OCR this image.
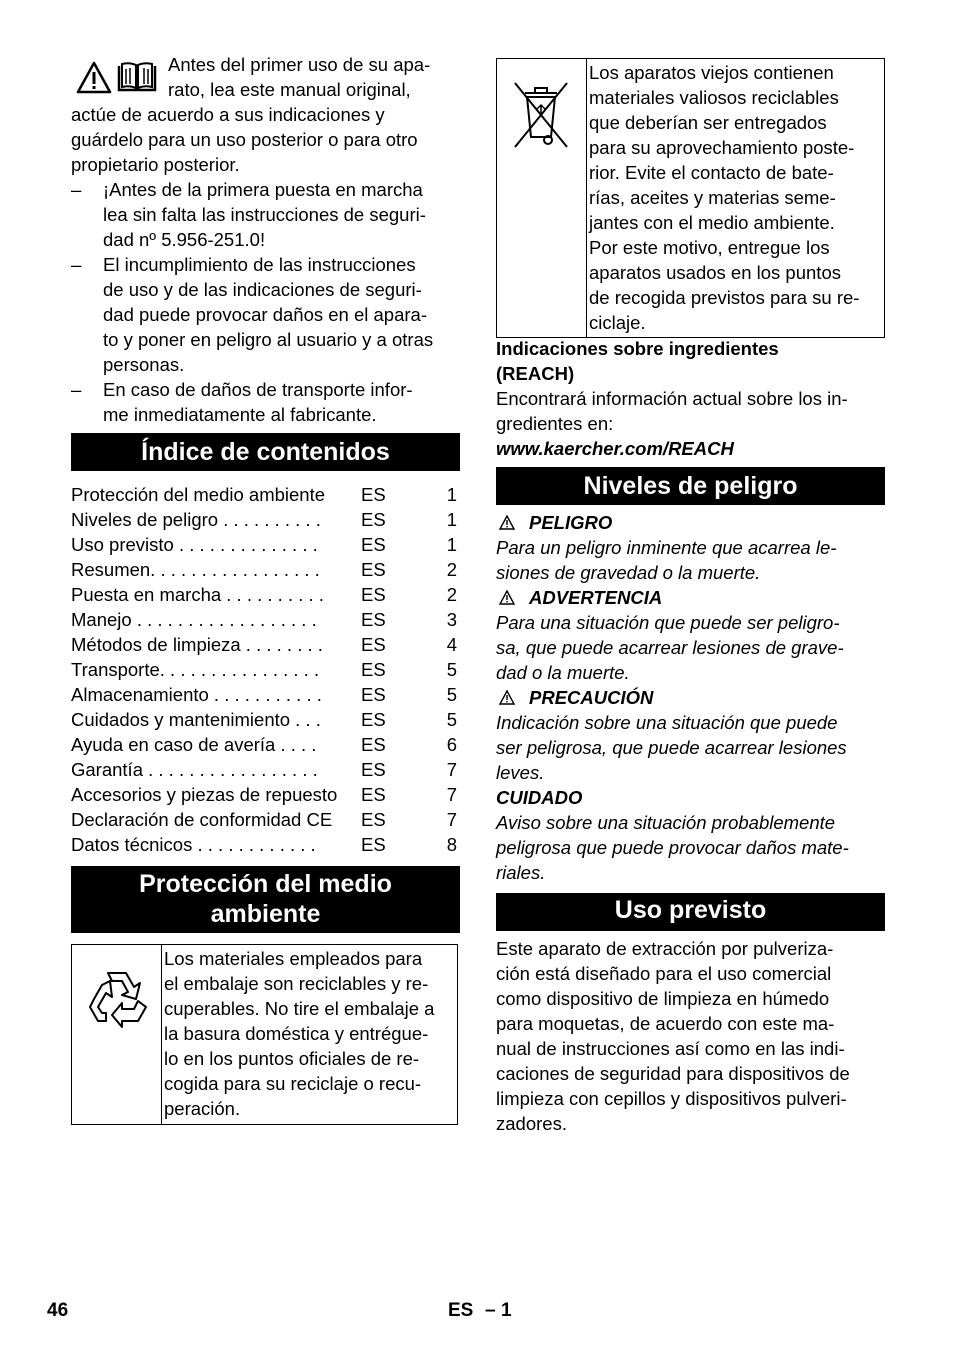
Antes del primer uso de su apa-
rato, lea este manual original,
actúe de acuerdo a sus indicaciones y
guárdelo para un uso posterior o para otro
propietario posterior.
– ¡Antes de la primera puesta en marcha
lea sin falta las instrucciones de seguri-
dad nº 5.956-251.0!
– El incumplimiento de las instrucciones
de uso y de las indicaciones de seguri-
dad puede provocar daños en el apara-
to y poner en peligro al usuario y a otras
personas.
– En caso de daños de transporte infor-
me inmediatamente al fabricante.
Índice de contenidos
Protección del medio ambiente ES	1
Niveles de peligro . . . . . . . . . . ES	1
Uso previsto . . . . . . . . . . . . . . ES	1
Resumen. . . . . . . . . . . . . . . . . ES	2
Puesta en marcha . . . . . . . . . . ES	2
Manejo . . . . . . . . . . . . . . . . . . ES	3
Métodos de limpieza . . . . . . . . ES	4
Transporte. . . . . . . . . . . . . . . . ES	5
Almacenamiento . . . . . . . . . . . ES	5
Cuidados y mantenimiento . . . ES	5
Ayuda en caso de avería . . . . ES	6
Garantía . . . . . . . . . . . . . . . . . ES	7
Accesorios y piezas de repuesto ES	7
Declaración de conformidad CE ES	7
Datos técnicos . . . . . . . . . . . . ES	8
Protección del medio
ambiente
Los materiales empleados para
el embalaje son reciclables y re-
cuperables. No tire el embalaje a
la basura doméstica y entrégue-
lo en los puntos oficiales de re-
cogida para su reciclaje o recu-
peración.
Los aparatos viejos contienen
materiales valiosos reciclables
que deberían ser entregados
para su aprovechamiento poste-
rior. Evite el contacto de bate-
rías, aceites y materias seme-
jantes con el medio ambiente.
Por este motivo, entregue los
aparatos usados en los puntos
de recogida previstos para su re-
ciclaje.
Indicaciones sobre ingredientes
(REACH)
Encontrará información actual sobre los in-
gredientes en:
www.kaercher.com/REACH
Niveles de peligro
PELIGRO
Para un peligro inminente que acarrea le-
siones de gravedad o la muerte.
ADVERTENCIA
Para una situación que puede ser peligro-
sa, que puede acarrear lesiones de grave-
dad o la muerte.
PRECAUCIÓN
Indicación sobre una situación que puede
ser peligrosa, que puede acarrear lesiones
leves.
CUIDADO
Aviso sobre una situación probablemente
peligrosa que puede provocar daños mate-
riales.
Uso previsto
Este aparato de extracción por pulveriza-
ción está diseñado para el uso comercial
como dispositivo de limpieza en húmedo
para moquetas, de acuerdo con este ma-
nual de instrucciones así como en las indi-
caciones de seguridad para dispositivos de
limpieza con cepillos y dispositivos pulveri-
zadores.
46	ES – 1
